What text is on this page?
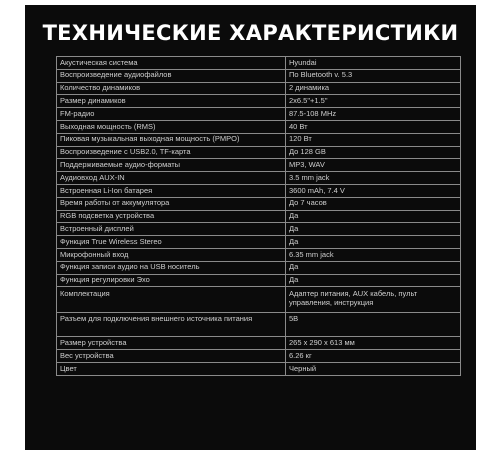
ТЕХНИЧЕСКИЕ ХАРАКТЕРИСТИКИ
Акустическая система	Hyundai
Воспроизведение аудиофайлов	По Bluetooth v. 5.3
Количество динамиков	2 динамика
Размер динамиков	2x6.5"+1.5"
FM-радио	87.5-108 MHz
Выходная мощность (RMS)	40 Вт
Пиковая музыкальная выходная мощность (PMPO)	120 Вт
Воспроизведение с USB2.0, TF-карта	До 128 GB
Поддерживаемые аудио-форматы	MP3, WAV
Аудиовход AUX-IN	3.5 mm jack
Встроенная Li-Ion батарея	3600 mAh, 7.4 V
Время работы от аккумулятора	До 7 часов
RGB подсветка устройства	Да
Встроенный дисплей	Да
Функция True Wireless Stereo	Да
Микрофонный вход	6.35 mm jack
Функция записи аудио на USB носитель	Да
Функция регулировки Эхо	Да
Комплектация	Адаптер питания, AUX кабель, пульт управления, инструкция
Разъем для подключения внешнего источника питания	5В
Размер устройства	265 х 290 х 613 мм
Вес устройства	6.26 кг
Цвет	Черный
